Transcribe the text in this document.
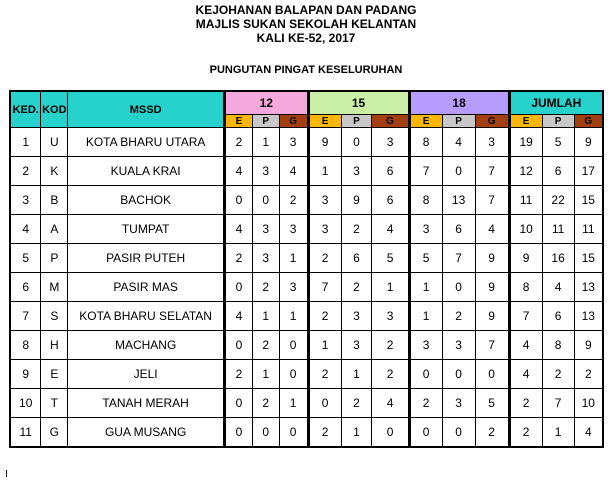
KEJOHANAN BALAPAN DAN PADANG
MAJLIS SUKAN SEKOLAH KELANTAN
KALI KE-52, 2017
PUNGUTAN PINGAT KESELURUHAN
KED.	KOD	MSSD	12			15			18			JUMLAH		
			E	P	G	E	P	G	E	P	G	E	P	G
1	U	KOTA BHARU UTARA	2	1	3	9	0	3	8	4	3	19	5	9
2	K	KUALA KRAI	4	3	4	1	3	6	7	0	7	12	6	17
3	B	BACHOK	0	0	2	3	9	6	8	13	7	11	22	15
4	A	TUMPAT	4	3	3	3	2	4	3	6	4	10	11	11
5	P	PASIR PUTEH	2	3	1	2	6	5	5	7	9	9	16	15
6	M	PASIR MAS	0	2	3	7	2	1	1	0	9	8	4	13
7	S	KOTA BHARU SELATAN	4	1	1	2	3	3	1	2	9	7	6	13
8	H	MACHANG	0	2	0	1	3	2	3	3	7	4	8	9
9	E	JELI	2	1	0	2	1	2	0	0	0	4	2	2
10	T	TANAH MERAH	0	2	1	0	2	4	2	3	5	2	7	10
11	G	GUA MUSANG	0	0	0	2	1	0	0	0	2	2	1	4
